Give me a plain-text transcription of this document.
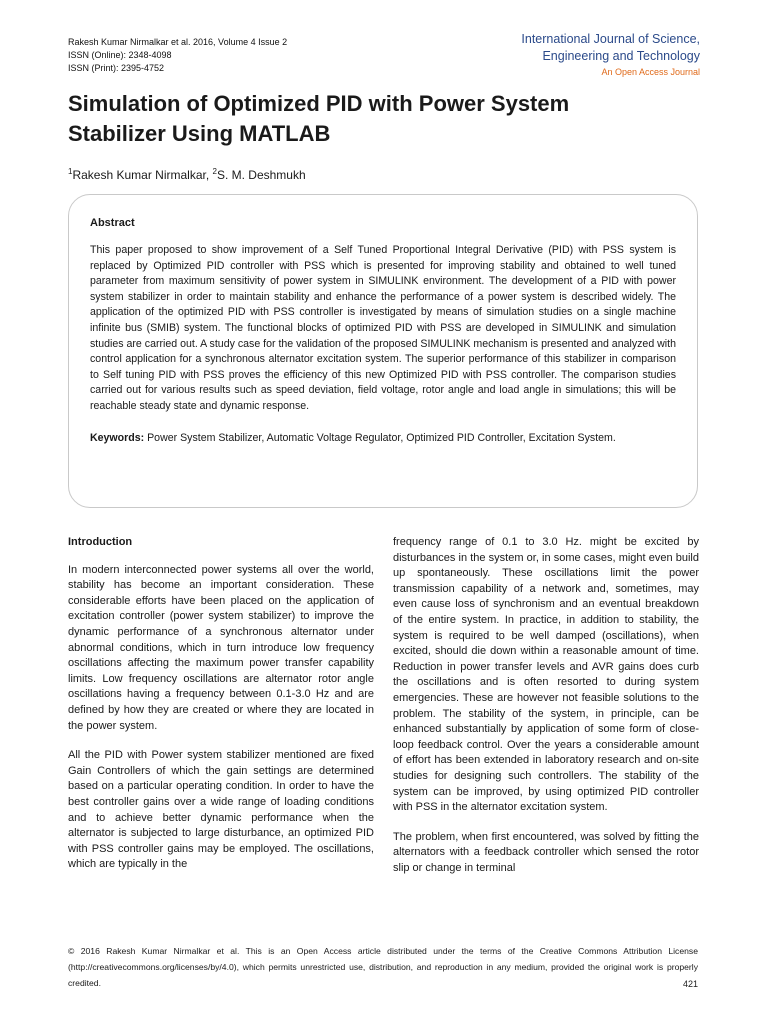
Rakesh Kumar Nirmalkar et al. 2016, Volume 4 Issue 2
ISSN (Online): 2348-4098
ISSN (Print): 2395-4752
International Journal of Science,
Engineering and Technology
An Open Access Journal
Simulation of Optimized PID with Power System
Stabilizer Using MATLAB
$^1$Rakesh Kumar Nirmalkar, $^2$S. M. Deshmukh
Abstract

This paper proposed to show improvement of a Self Tuned Proportional Integral Derivative (PID) with PSS system is replaced by Optimized PID controller with PSS which is presented for improving stability and obtained to well tuned parameter from maximum sensitivity of power system in SIMULINK environment. The development of a PID with power system stabilizer in order to maintain stability and enhance the performance of a power system is described widely. The application of the optimized PID with PSS controller is investigated by means of simulation studies on a single machine infinite bus (SMIB) system. The functional blocks of optimized PID with PSS are developed in SIMULINK and simulation studies are carried out. A study case for the validation of the proposed SIMULINK mechanism is presented and analyzed with control application for a synchronous alternator excitation system. The superior performance of this stabilizer in comparison to Self tuning PID with PSS proves the efficiency of this new Optimized PID with PSS controller. The comparison studies carried out for various results such as speed deviation, field voltage, rotor angle and load angle in simulations; this will be reachable steady state and dynamic response.

Keywords: Power System Stabilizer, Automatic Voltage Regulator, Optimized PID Controller, Excitation System.

Introduction

In modern interconnected power systems all over the world, stability has become an important consideration. These considerable efforts have been placed on the application of excitation controller (power system stabilizer) to improve the dynamic performance of a synchronous alternator under abnormal conditions, which in turn introduce low frequency oscillations affecting the maximum power transfer capability limits. Low frequency oscillations are alternator rotor angle oscillations having a frequency between 0.1-3.0 Hz and are defined by how they are created or where they are located in the power system.

All the PID with Power system stabilizer mentioned are fixed Gain Controllers of which the gain settings are determined based on a particular operating condition. In order to have the best controller gains over a wide range of loading conditions and to achieve better dynamic performance when the alternator is subjected to large disturbance, an optimized PID with PSS controller gains may be employed. The oscillations, which are typically in the

frequency range of 0.1 to 3.0 Hz. might be excited by disturbances in the system or, in some cases, might even build up spontaneously. These oscillations limit the power transmission capability of a network and, sometimes, may even cause loss of synchronism and an eventual breakdown of the entire system. In practice, in addition to stability, the system is required to be well damped (oscillations), when excited, should die down within a reasonable amount of time. Reduction in power transfer levels and AVR gains does curb the oscillations and is often resorted to during system emergencies. These are however not feasible solutions to the problem. The stability of the system, in principle, can be enhanced substantially by application of some form of close-loop feedback control. Over the years a considerable amount of effort has been extended in laboratory research and on-site studies for designing such controllers. The stability of the system can be improved, by using optimized PID controller with PSS in the alternator excitation system.

The problem, when first encountered, was solved by fitting the alternators with a feedback controller which sensed the rotor slip or change in terminal

© 2016 Rakesh Kumar Nirmalkar et al. This is an Open Access article distributed under the terms of the Creative Commons Attribution License (http://creativecommons.org/licenses/by/4.0), which permits unrestricted use, distribution, and reproduction in any medium, provided the original work is properly credited.	421
